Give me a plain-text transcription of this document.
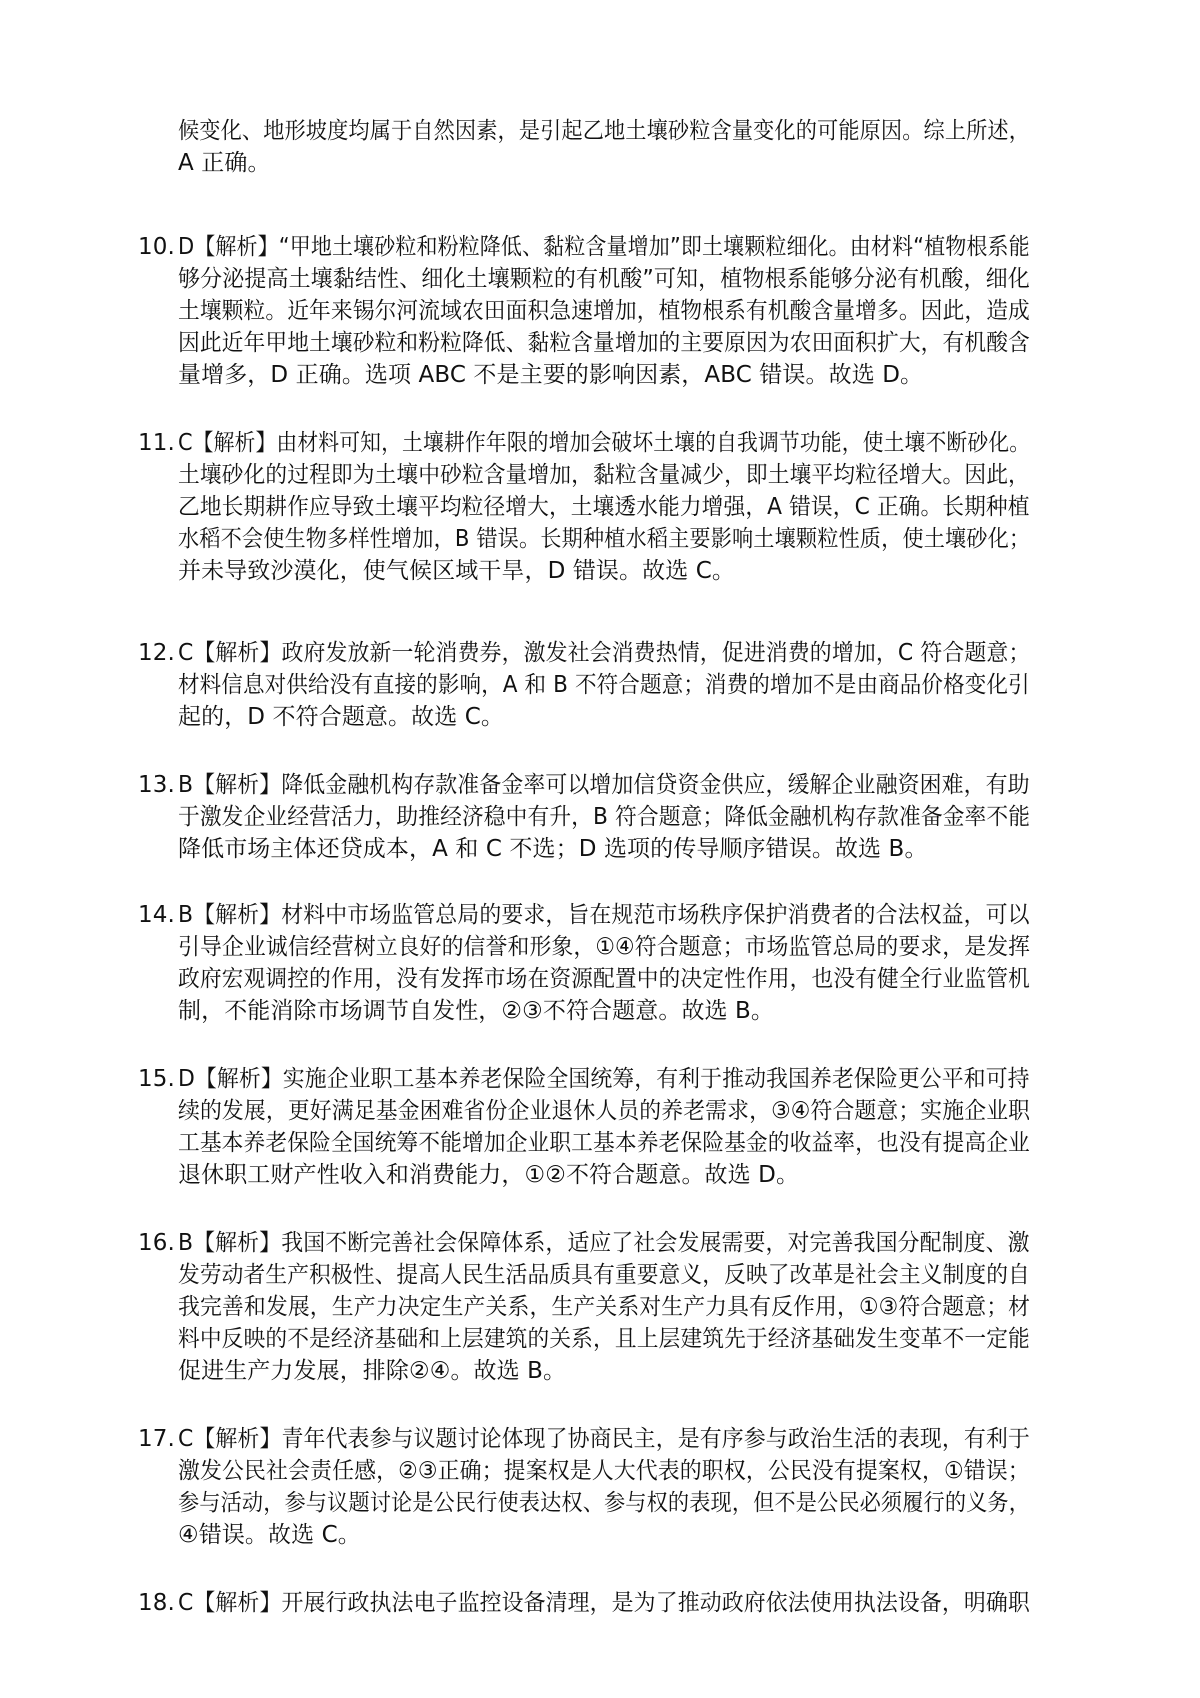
候变化、地形坡度均属于自然因素，是引起乙地土壤砂粒含量变化的可能原因。综上所述，
A 正确。
10. D【解析】“甲地土壤砂粒和粉粒降低、黏粒含量增加”即土壤颗粒细化。由材料“植物根系能
够分泌提高土壤黏结性、细化土壤颗粒的有机酸”可知，植物根系能够分泌有机酸，细化
土壤颗粒。近年来锡尔河流域农田面积急速增加，植物根系有机酸含量增多。因此，造成
因此近年甲地土壤砂粒和粉粒降低、黏粒含量增加的主要原因为农田面积扩大，有机酸含
量增多，D 正确。选项 ABC 不是主要的影响因素，ABC 错误。故选 D。
11. C【解析】由材料可知，土壤耕作年限的增加会破坏土壤的自我调节功能，使土壤不断砂化。
土壤砂化的过程即为土壤中砂粒含量增加，黏粒含量减少，即土壤平均粒径增大。因此，
乙地长期耕作应导致土壤平均粒径增大，土壤透水能力增强，A 错误，C 正确。长期种植
水稻不会使生物多样性增加，B 错误。长期种植水稻主要影响土壤颗粒性质，使土壤砂化；
并未导致沙漠化，使气候区域干旱，D 错误。故选 C。
12. C【解析】政府发放新一轮消费券，激发社会消费热情，促进消费的增加，C 符合题意；
材料信息对供给没有直接的影响，A 和 B 不符合题意；消费的增加不是由商品价格变化引
起的，D 不符合题意。故选 C。
13. B【解析】降低金融机构存款准备金率可以增加信贷资金供应，缓解企业融资困难，有助
于激发企业经营活力，助推经济稳中有升，B 符合题意；降低金融机构存款准备金率不能
降低市场主体还贷成本，A 和 C 不选；D 选项的传导顺序错误。故选 B。
14. B【解析】材料中市场监管总局的要求，旨在规范市场秩序保护消费者的合法权益，可以
引导企业诚信经营树立良好的信誉和形象，①④符合题意；市场监管总局的要求，是发挥
政府宏观调控的作用，没有发挥市场在资源配置中的决定性作用，也没有健全行业监管机
制，不能消除市场调节自发性，②③不符合题意。故选 B。
15. D【解析】实施企业职工基本养老保险全国统筹，有利于推动我国养老保险更公平和可持
续的发展，更好满足基金困难省份企业退休人员的养老需求，③④符合题意；实施企业职
工基本养老保险全国统筹不能增加企业职工基本养老保险基金的收益率，也没有提高企业
退休职工财产性收入和消费能力，①②不符合题意。故选 D。
16. B【解析】我国不断完善社会保障体系，适应了社会发展需要，对完善我国分配制度、激
发劳动者生产积极性、提高人民生活品质具有重要意义，反映了改革是社会主义制度的自
我完善和发展，生产力决定生产关系，生产关系对生产力具有反作用，①③符合题意；材
料中反映的不是经济基础和上层建筑的关系，且上层建筑先于经济基础发生变革不一定能
促进生产力发展，排除②④。故选 B。
17. C【解析】青年代表参与议题讨论体现了协商民主，是有序参与政治生活的表现，有利于
激发公民社会责任感，②③正确；提案权是人大代表的职权，公民没有提案权，①错误；
参与活动，参与议题讨论是公民行使表达权、参与权的表现，但不是公民必须履行的义务，
④错误。故选 C。
18. C【解析】开展行政执法电子监控设备清理，是为了推动政府依法使用执法设备，明确职
